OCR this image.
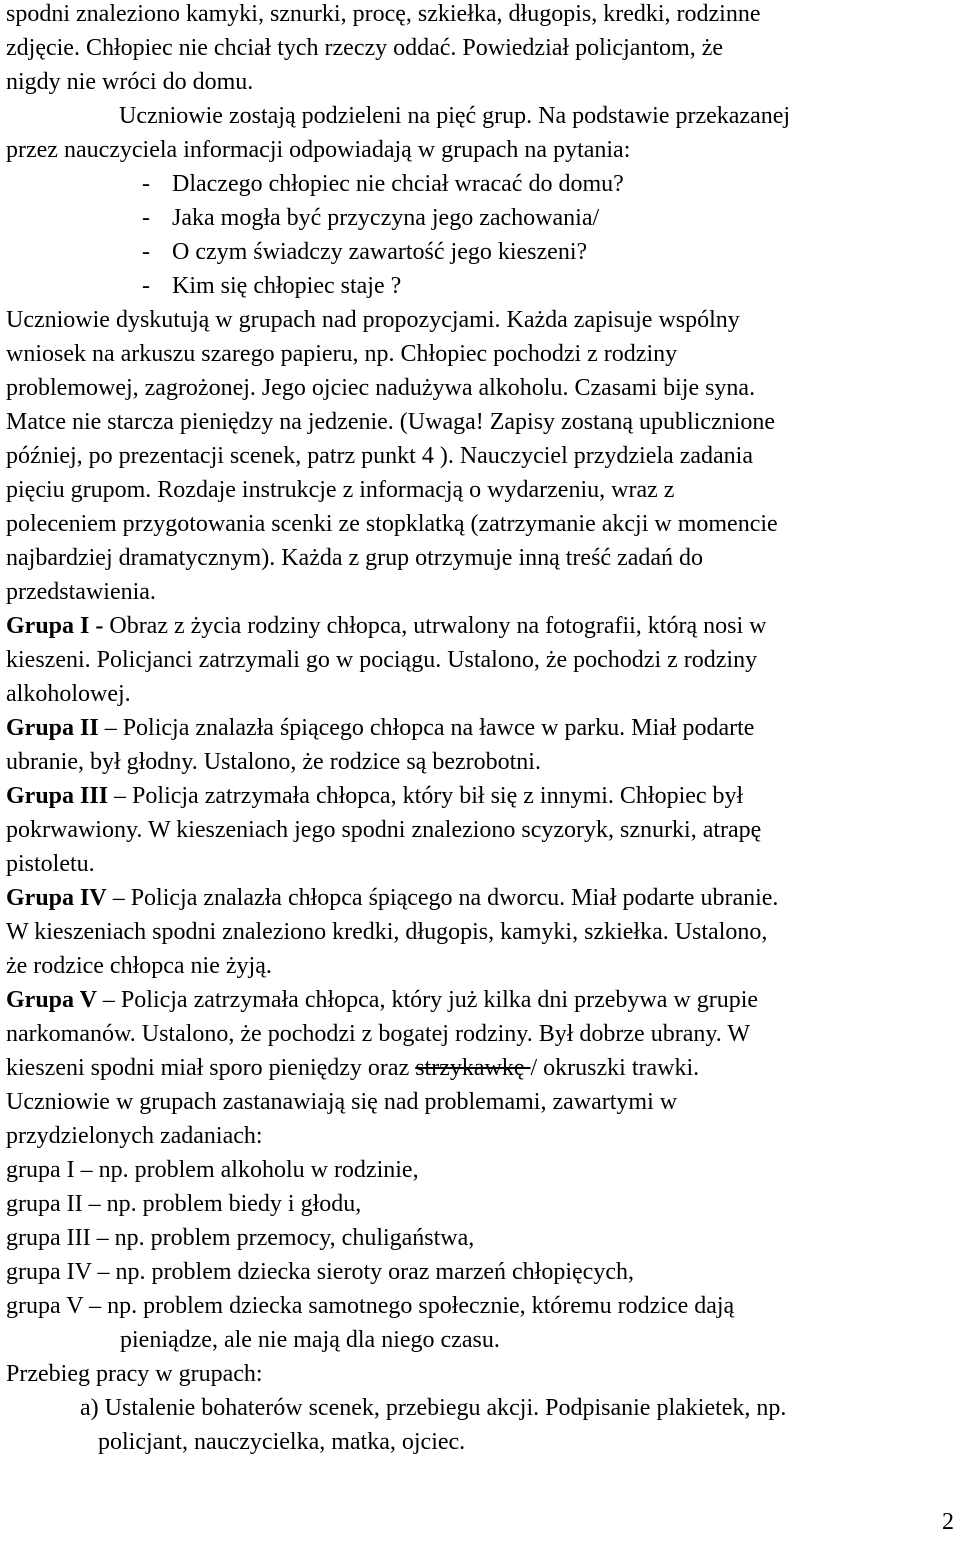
spodni znaleziono kamyki, sznurki, procę, szkiełka, długopis, kredki, rodzinne
zdjęcie. Chłopiec nie chciał tych rzeczy oddać. Powiedział policjantom, że
nigdy nie wróci do domu.

Uczniowie zostają podzieleni na pięć grup. Na podstawie przekazanej
przez nauczyciela informacji odpowiadają w grupach na pytania:

- Dlaczego chłopiec nie chciał wracać do domu?
- Jaka mogła być przyczyna jego zachowania/
- O czym świadczy zawartość jego kieszeni?
- Kim się chłopiec staje ?

Uczniowie dyskutują w grupach nad propozycjami. Każda zapisuje wspólny
wniosek na arkuszu szarego papieru, np. Chłopiec pochodzi z rodziny
problemowej, zagrożonej. Jego ojciec nadużywa alkoholu. Czasami bije syna.
Matce nie starcza pieniędzy na jedzenie. (Uwaga! Zapisy zostaną upublicznione
później, po prezentacji scenek, patrz punkt 4 ). Nauczyciel przydziela zadania
pięciu grupom. Rozdaje instrukcje z informacją o wydarzeniu, wraz z
poleceniem przygotowania scenki ze stopklatką (zatrzymanie akcji w momencie
najbardziej dramatycznym). Każda z grup otrzymuje inną treść zadań do
przedstawienia.

Grupa I - Obraz z życia rodziny chłopca, utrwalony na fotografii, którą nosi w
kieszeni. Policjanci zatrzymali go w pociągu. Ustalono, że pochodzi z rodziny
alkoholowej.

Grupa II – Policja znalazła śpiącego chłopca na ławce w parku. Miał podarte
ubranie, był głodny. Ustalono, że rodzice są bezrobotni.

Grupa III – Policja zatrzymała chłopca, który bił się z innymi. Chłopiec był
pokrwawiony. W kieszeniach jego spodni znaleziono scyzoryk, sznurki, atrapę
pistoletu.

Grupa IV – Policja znalazła chłopca śpiącego na dworcu. Miał podarte ubranie.
W kieszeniach spodni znaleziono kredki, długopis, kamyki, szkiełka. Ustalono,
że rodzice chłopca nie żyją.

Grupa V – Policja zatrzymała chłopca, który już kilka dni przebywa w grupie
narkomanów. Ustalono, że pochodzi z bogatej rodziny. Był dobrze ubrany. W
kieszeni spodni miał sporo pieniędzy oraz strzykawkę / okruszki trawki.

Uczniowie w grupach zastanawiają się nad problemami, zawartymi w
przydzielonych zadaniach:

grupa I – np. problem alkoholu w rodzinie,
grupa II – np. problem biedy i głodu,
grupa III – np. problem przemocy, chuligaństwa,
grupa IV – np. problem dziecka sieroty oraz marzeń chłopięcych,
grupa V – np. problem dziecka samotnego społecznie, któremu rodzice dają
pieniądze, ale nie mają dla niego czasu.
Przebieg pracy w grupach:
a) Ustalenie bohaterów scenek, przebiegu akcji. Podpisanie plakietek, np.
policjant, nauczycielka, matka, ojciec.
2
